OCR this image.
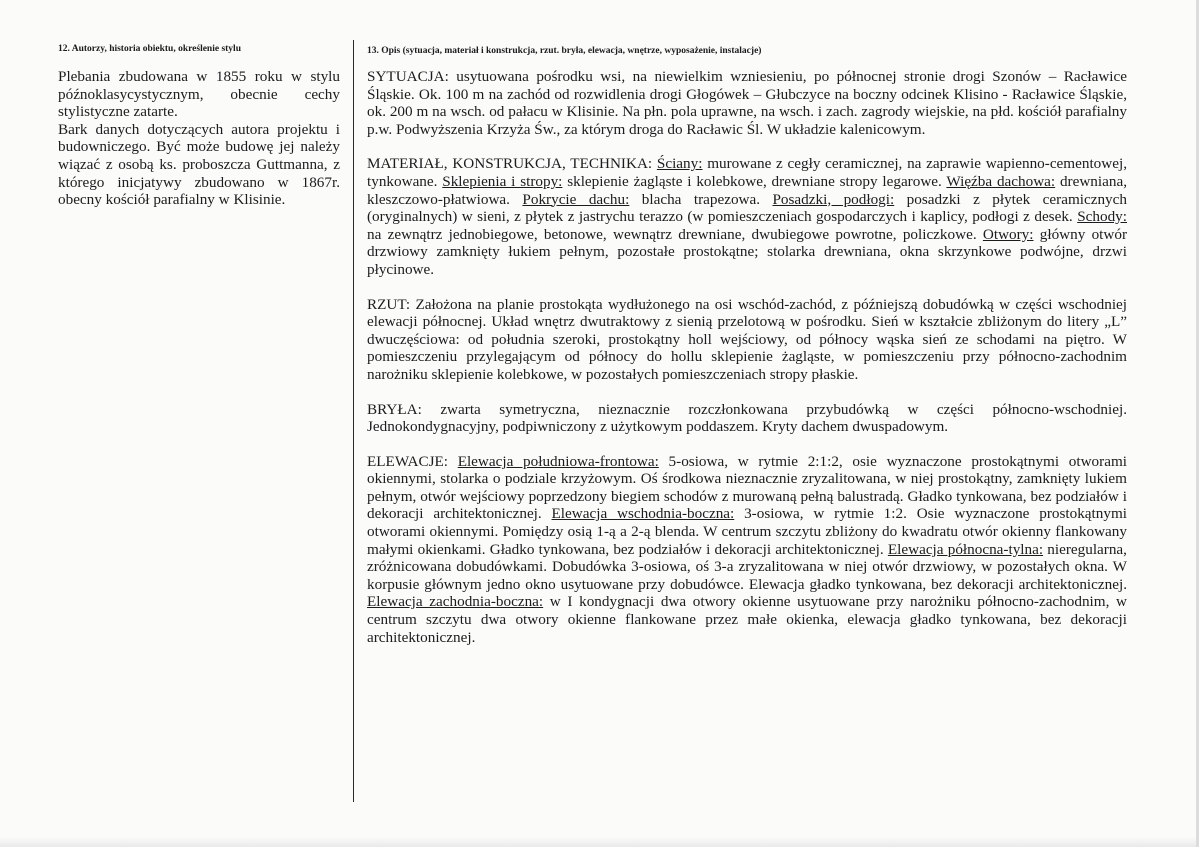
12. Autorzy, historia obiektu, określenie stylu

Plebania zbudowana w 1855 roku w stylu późnoklasycystycznym, obecnie cechy stylistyczne zatarte.

Bark danych dotyczących autora projektu i budowniczego. Być może budowę jej należy wiązać z osobą ks. proboszcza Guttmanna, z którego inicjatywy zbudowano w 1867r. obecny kościół parafialny w Klisinie.

13. Opis (sytuacja, materiał i konstrukcja, rzut. bryła, elewacja, wnętrze, wyposażenie, instalacje)

SYTUACJA: usytuowana pośrodku wsi, na niewielkim wzniesieniu, po północnej stronie drogi Szonów – Racławice Śląskie. Ok. 100 m na zachód od rozwidlenia drogi Głogówek – Głubczyce na boczny odcinek Klisino - Racławice Śląskie, ok. 200 m na wsch. od pałacu w Klisinie. Na płn. pola uprawne, na wsch. i zach. zagrody wiejskie, na płd. kościół parafialny p.w. Podwyższenia Krzyża Św., za którym droga do Racławic Śl. W układzie kalenicowym.

MATERIAŁ, KONSTRUKCJA, TECHNIKA: Ściany: murowane z cegły ceramicznej, na zaprawie wapienno-cementowej, tynkowane. Sklepienia i stropy: sklepienie żagląste i kolebkowe, drewniane stropy legarowe. Więźba dachowa: drewniana, kleszczowo-płatwiowa. Pokrycie dachu: blacha trapezowa. Posadzki, podłogi: posadzki z płytek ceramicznych (oryginalnych) w sieni, z płytek z jastrychu terazzo (w pomieszczeniach gospodarczych i kaplicy, podłogi z desek. Schody: na zewnątrz jednobiegowe, betonowe, wewnątrz drewniane, dwubiegowe powrotne, policzkowe. Otwory: główny otwór drzwiowy zamknięty łukiem pełnym, pozostałe prostokątne; stolarka drewniana, okna skrzynkowe podwójne, drzwi płycinowe.

RZUT: Założona na planie prostokąta wydłużonego na osi wschód-zachód, z późniejszą dobudówką w części wschodniej elewacji północnej. Układ wnętrz dwutraktowy z sienią przelotową w pośrodku. Sień w kształcie zbliżonym do litery „L” dwuczęściowa: od południa szeroki, prostokątny holl wejściowy, od północy wąska sień ze schodami na piętro. W pomieszczeniu przylegającym od północy do hollu sklepienie żagląste, w pomieszczeniu przy północno-zachodnim narożniku sklepienie kolebkowe, w pozostałych pomieszczeniach stropy płaskie.

BRYŁA: zwarta symetryczna, nieznacznie rozczłonkowana przybudówką w części północno-wschodniej. Jednokondygnacyjny, podpiwniczony z użytkowym poddaszem. Kryty dachem dwuspadowym.

ELEWACJE: Elewacja południowa-frontowa: 5-osiowa, w rytmie 2:1:2, osie wyznaczone prostokątnymi otworami okiennymi, stolarka o podziale krzyżowym. Oś środkowa nieznacznie zryzalitowana, w niej prostokątny, zamknięty lukiem pełnym, otwór wejściowy poprzedzony biegiem schodów z murowaną pełną balustradą. Gładko tynkowana, bez podziałów i dekoracji architektonicznej. Elewacja wschodnia-boczna: 3-osiowa, w rytmie 1:2. Osie wyznaczone prostokątnymi otworami okiennymi. Pomiędzy osią 1-ą a 2-ą blenda. W centrum szczytu zbliżony do kwadratu otwór okienny flankowany małymi okienkami. Gładko tynkowana, bez podziałów i dekoracji architektonicznej. Elewacja północna-tylna: nieregularna, zróżnicowana dobudówkami. Dobudówka 3-osiowa, oś 3-a zryzalitowana w niej otwór drzwiowy, w pozostałych okna. W korpusie głównym jedno okno usytuowane przy dobudówce. Elewacja gładko tynkowana, bez dekoracji architektonicznej. Elewacja zachodnia-boczna: w I kondygnacji dwa otwory okienne usytuowane przy narożniku północno-zachodnim, w centrum szczytu dwa otwory okienne flankowane przez małe okienka, elewacja gładko tynkowana, bez dekoracji architektonicznej.
